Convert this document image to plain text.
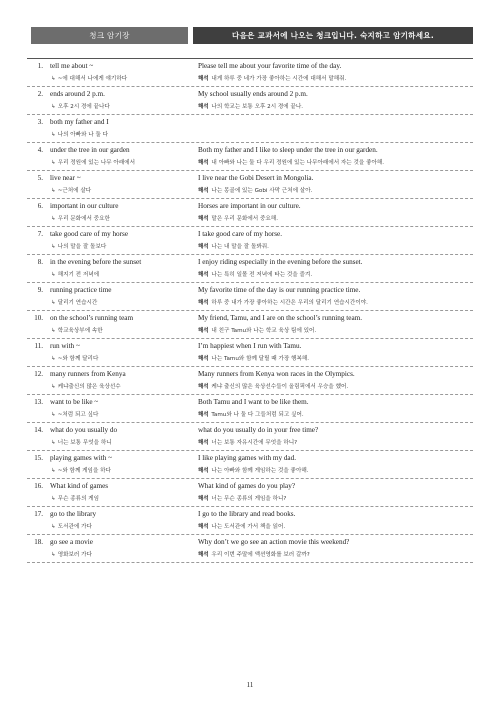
청크 암기장	다음은 교과서에 나오는 청크입니다. 숙지하고 암기하세요.
1. tell me about ~
↳ ~에 대해서 나에게 얘기하다
Please tell me about your favorite time of the day.
해석 내게 하루 중 네가 가장 좋아하는 시간에 대해서 말해줘.
2. ends around 2 p.m.
↳ 오후 2시 경에 끝나다
My school usually ends around 2 p.m.
해석 나의 학교는 보통 오후 2시 경에 끝나.
3. both my father and I
↳ 나의 아빠와 나 둘 다
4. under the tree in our garden
↳ 우리 정원에 있는 나무 아래에서
Both my father and I like to sleep under the tree in our garden.
해석 내 아빠와 나는 둘 다 우리 정원에 있는 나무아래에서 자는 것을 좋아해.
5. live near ~
↳ ~근처에 살다
I live near the Gobi Desert in Mongolia.
해석 나는 몽골에 있는 Gobi 사막 근처에 살아.
6. important in our culture
↳ 우리 문화에서 중요한
Horses are important in our culture.
해석 말은 우리 문화에서 중요해.
7. take good care of my horse
↳ 나의 말을 잘 돌보다
I take good care of my horse.
해석 나는 내 말을 잘 돌봐줘.
8. in the evening before the sunset
↳ 해지기 전 저녁에
I enjoy riding especially in the evening before the sunset.
해석 나는 특히 일몰 전 저녁에 타는 것을 즐겨.
9. running practice time
↳ 달리기 연습시간
My favorite time of the day is our running practice time.
해석 하루 중 내가 가장 좋아하는 시간은 우리의 달리기 연습시간이야.
10. on the school’s running team
↳ 학교육상부에 속한
My friend, Tamu, and I are on the school’s running team.
해석 내 친구 Tamu와 나는 학교 육상 팀에 있어.
11. run with ~
↳ ~와 함께 달리다
I’m happiest when I run with Tamu.
해석 나는 Tamu와 함께 달릴 때 가장 행복해.
12. many runners from Kenya
↳ 케냐출신의 많은 육상선수
Many runners from Kenya won races in the Olympics.
해석 케냐 출신의 많은 육상선수들이 올림픽에서 우승을 했어.
13. want to be like ~
↳ ~처럼 되고 싶다
Both Tamu and I want to be like them.
해석 Tamu와 나 둘 다 그들처럼 되고 싶어.
14. what do you usually do
↳ 너는 보통 무엇을 하니
what do you usually do in your free time?
해석 너는 보통 자유시간에 무엇을 하니?
15. playing games with ~
↳ ~와 함께 게임을 하다
I like playing games with my dad.
해석 나는 아빠와 함께 게임하는 것을 좋아해.
16. What kind of games
↳ 무슨 종류의 게임
What kind of games do you play?
해석 너는 무슨 종류의 게임을 하니?
17. go to the library
↳ 도서관에 가다
I go to the library and read books.
해석 나는 도서관에 가서 책을 읽어.
18. go see a movie
↳ 영화보러 가다
Why don’t we go see an action movie this weekend?
해석 우리 이번 주말에 액션영화를 보러 갈까?
11
